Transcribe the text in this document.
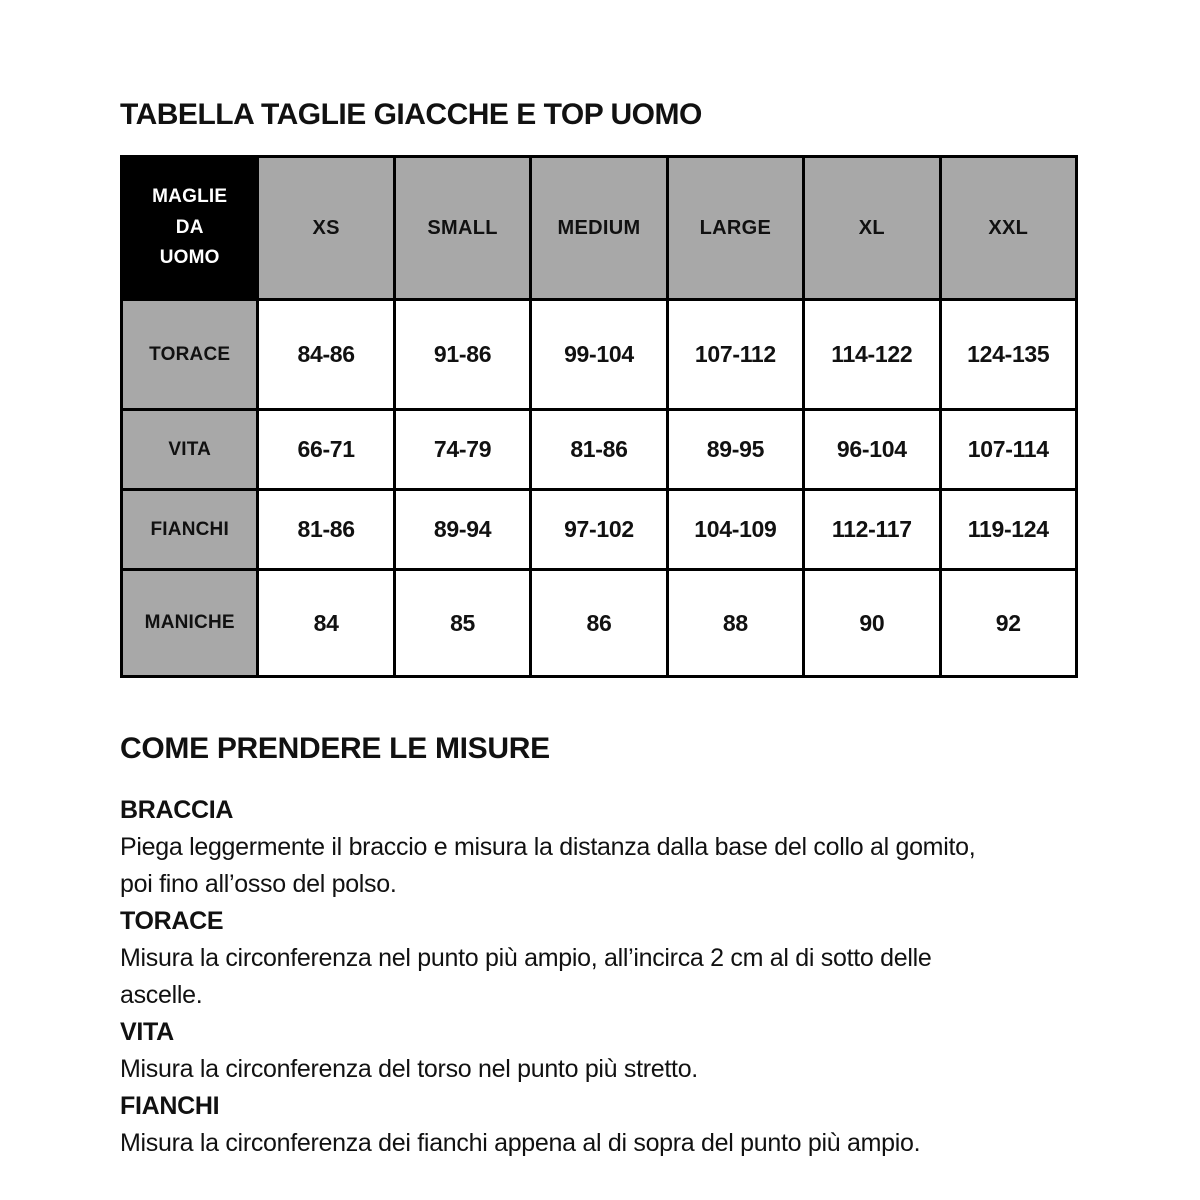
TABELLA TAGLIE GIACCHE E TOP UOMO
MAGLIE DA UOMO	XS	SMALL	MEDIUM	LARGE	XL	XXL
TORACE	84-86	91-86	99-104	107-112	114-122	124-135
VITA	66-71	74-79	81-86	89-95	96-104	107-114
FIANCHI	81-86	89-94	97-102	104-109	112-117	119-124
MANICHE	84	85	86	88	90	92
COME PRENDERE LE MISURE
BRACCIA
Piega leggermente il braccio e misura la distanza dalla base del collo al gomito,
poi fino all’osso del polso.
TORACE
Misura la circonferenza nel punto più ampio, all’incirca 2 cm al di sotto delle
ascelle.
VITA
Misura la circonferenza del torso nel punto più stretto.
FIANCHI
Misura la circonferenza dei fianchi appena al di sopra del punto più ampio.
